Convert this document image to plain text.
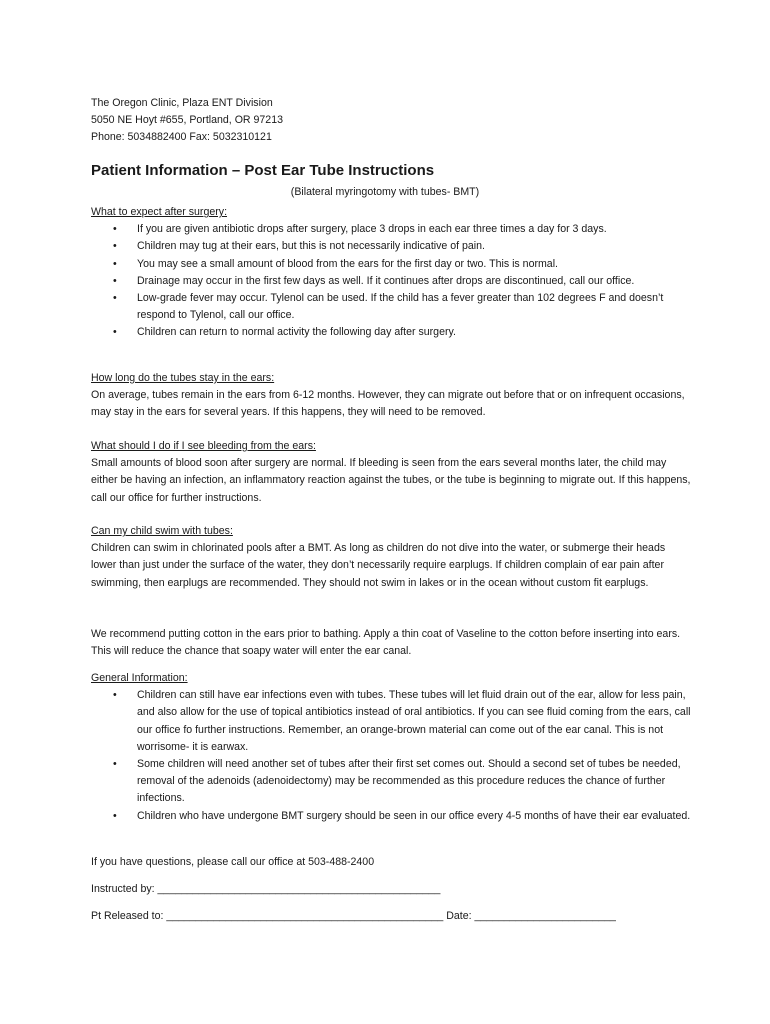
The Oregon Clinic, Plaza ENT Division
5050 NE Hoyt #655, Portland, OR 97213
Phone: 5034882400 Fax: 5032310121
Patient Information – Post Ear Tube Instructions
(Bilateral myringotomy with tubes- BMT)
What to expect after surgery:
• If you are given antibiotic drops after surgery, place 3 drops in each ear three times a day for 3 days.
• Children may tug at their ears, but this is not necessarily indicative of pain.
• You may see a small amount of blood from the ears for the first day or two. This is normal.
• Drainage may occur in the first few days as well. If it continues after drops are discontinued, call our office.
• Low-grade fever may occur. Tylenol can be used. If the child has a fever greater than 102 degrees F and doesn’t respond to Tylenol, call our office.
• Children can return to normal activity the following day after surgery.
How long do the tubes stay in the ears:

On average, tubes remain in the ears from 6-12 months. However, they can migrate out before that or on infrequent occasions, may stay in the ears for several years. If this happens, they will need to be removed.

What should I do if I see bleeding from the ears:

Small amounts of blood soon after surgery are normal. If bleeding is seen from the ears several months later, the child may either be having an infection, an inflammatory reaction against the tubes, or the tube is beginning to migrate out. If this happens, call our office for further instructions.

Can my child swim with tubes:

Children can swim in chlorinated pools after a BMT. As long as children do not dive into the water, or submerge their heads lower than just under the surface of the water, they don’t necessarily require earplugs. If children complain of ear pain after swimming, then earplugs are recommended. They should not swim in lakes or in the ocean without custom fit earplugs.

We recommend putting cotton in the ears prior to bathing. Apply a thin coat of Vaseline to the cotton before inserting into ears. This will reduce the chance that soapy water will enter the ear canal.

General Information:
• Children can still have ear infections even with tubes. These tubes will let fluid drain out of the ear, allow for less pain, and also allow for the use of topical antibiotics instead of oral antibiotics. If you can see fluid coming from the ears, call our office fo further instructions. Remember, an orange-brown material can come out of the ear canal. This is not worrisome- it is earwax.
• Some children will need another set of tubes after their first set comes out. Should a second set of tubes be needed, removal of the adenoids (adenoidectomy) may be recommended as this procedure reduces the chance of further infections.
• Children who have undergone BMT surgery should be seen in our office every 4-5 months of have their ear evaluated.
If you have questions, please call our office at 503-488-2400
Instructed by: ________________________________________________
Pt Released to: _______________________________________________ Date: ________________________
